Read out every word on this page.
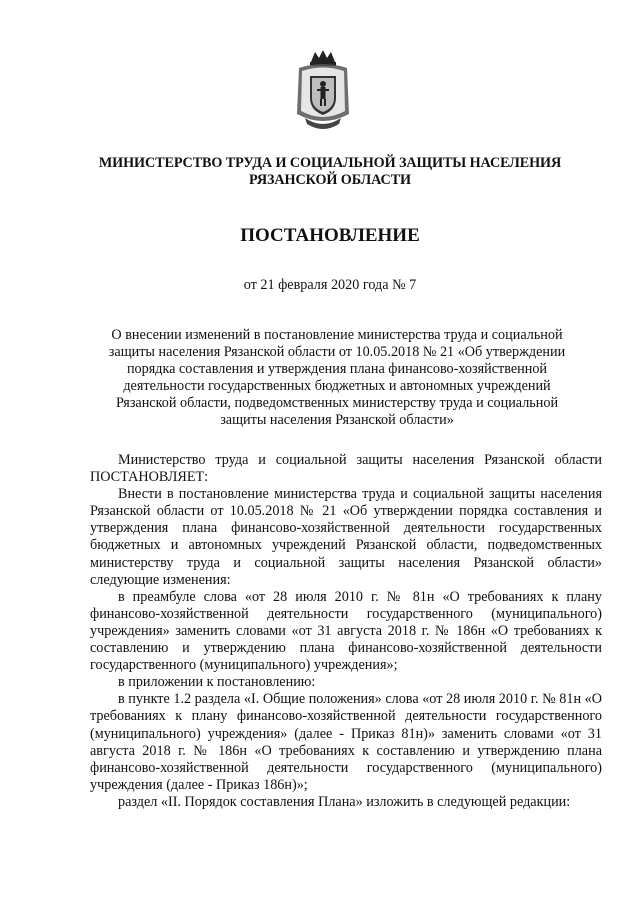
МИНИСТЕРСТВО ТРУДА И СОЦИАЛЬНОЙ ЗАЩИТЫ НАСЕЛЕНИЯ
РЯЗАНСКОЙ ОБЛАСТИ
ПОСТАНОВЛЕНИЕ
от 21 февраля 2020 года № 7
О внесении изменений в постановление министерства труда и социальной защиты населения Рязанской области от 10.05.2018 № 21 «Об утверждении порядка составления и утверждения плана финансово-хозяйственной деятельности государственных бюджетных и автономных учреждений Рязанской области, подведомственных министерству труда и социальной защиты населения Рязанской области»

Министерство труда и социальной защиты населения Рязанской области ПОСТАНОВЛЯЕТ:

Внести в постановление министерства труда и социальной защиты населения Рязанской области от 10.05.2018 № 21 «Об утверждении порядка составления и утверждения плана финансово-хозяйственной деятельности государственных бюджетных и автономных учреждений Рязанской области, подведомственных министерству труда и социальной защиты населения Рязанской области» следующие изменения:

в преамбуле слова «от 28 июля 2010 г. № 81н «О требованиях к плану финансово-хозяйственной деятельности государственного (муниципального) учреждения» заменить словами «от 31 августа 2018 г. № 186н «О требованиях к составлению и утверждению плана финансово-хозяйственной деятельности государственного (муниципального) учреждения»;

в приложении к постановлению:

в пункте 1.2 раздела «I. Общие положения» слова «от 28 июля 2010 г. № 81н «О требованиях к плану финансово-хозяйственной деятельности государственного (муниципального) учреждения» (далее - Приказ 81н)» заменить словами «от 31 августа 2018 г. № 186н «О требованиях к составлению и утверждению плана финансово-хозяйственной деятельности государственного (муниципального) учреждения (далее - Приказ 186н)»;

раздел «II. Порядок составления Плана» изложить в следующей редакции:
